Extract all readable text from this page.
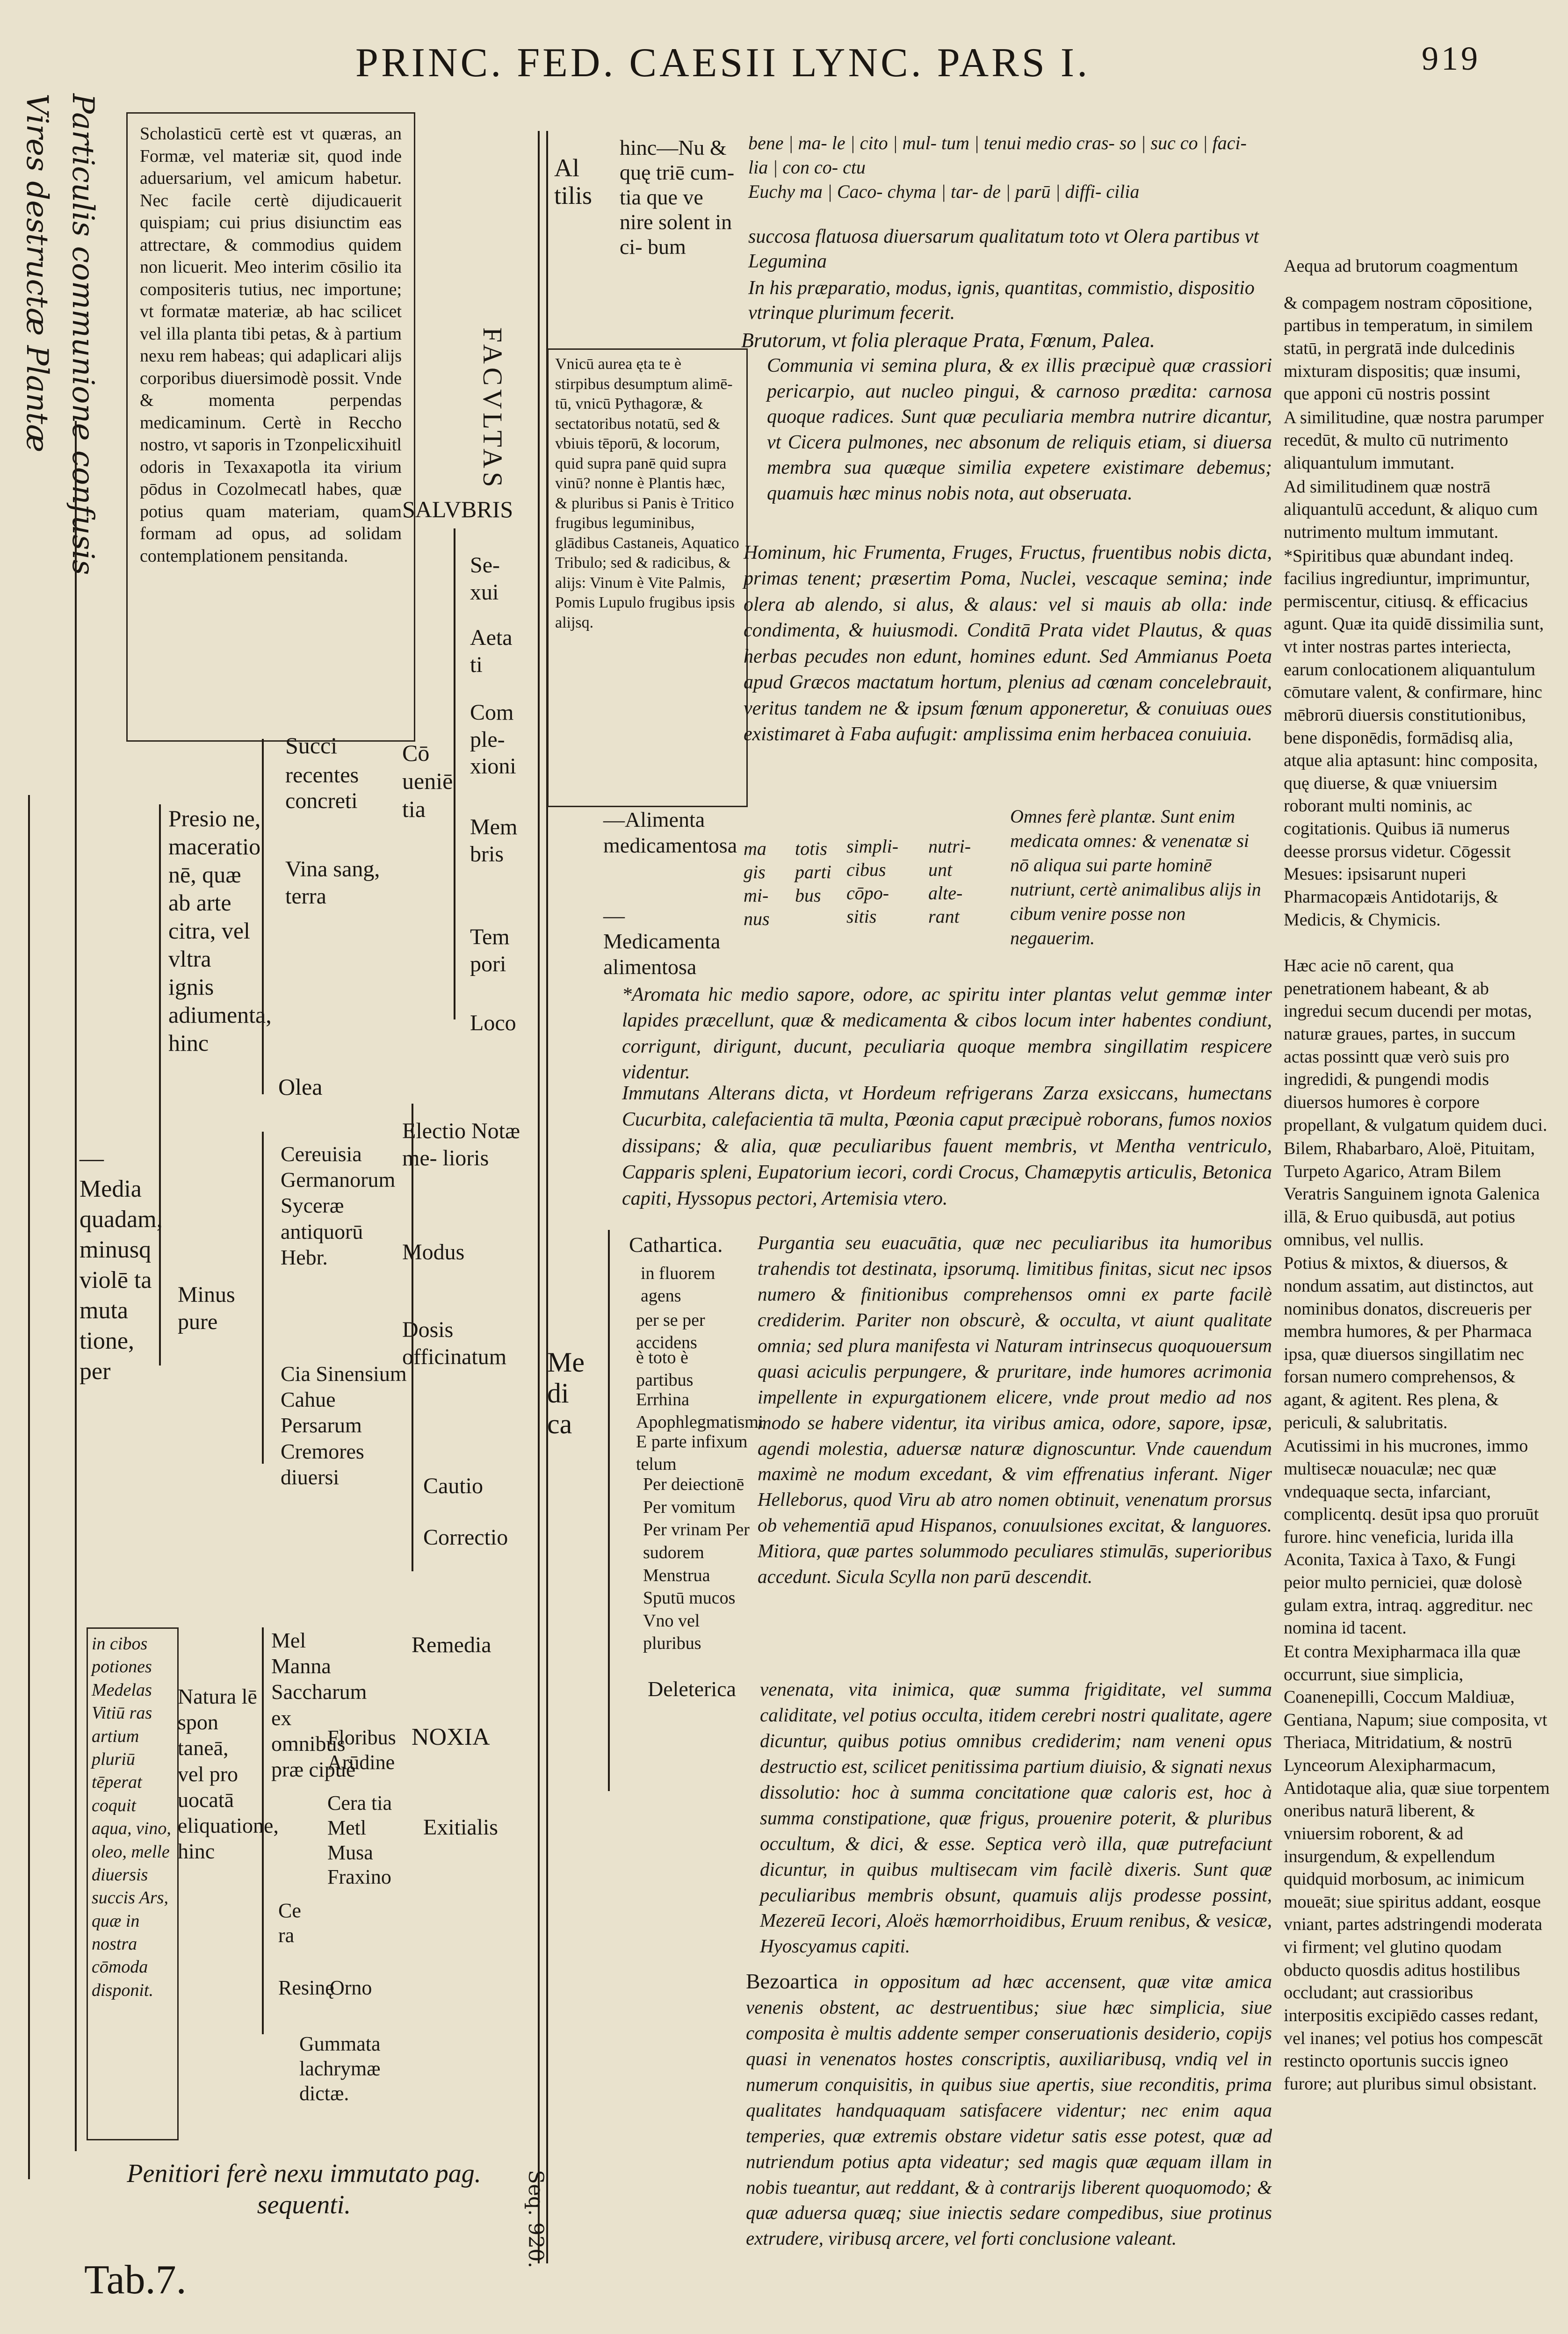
PRINC. FED. CAESII LYNC. PARS I.	919
Particulis communione confusis
Vires destructæ Plantæ	Scholasticū certè est vt quæras, an Formæ, vel materiæ sit, quod inde aduersarium, vel amicum habetur. Nec facile certè dijudicauerit quispiam; cui prius disiunctim eas attrectare, & commodius quidem non licuerit. Meo interim cōsilio ita compositeris tutius, nec importune; vt formatæ materiæ, ab hac scilicet vel illa planta tibi petas, & à partium nexu rem habeas; qui adaplicari alijs corporibus diuersimodè possit. Vnde & momenta perpendas medicaminum. Certè in Reccho nostro, vt saporis in Tzonpelicxihuitl odoris in Texaxapotla ita virium pōdus in Cozolmecatl habes, quæ potius quam materiam, quam formam ad opus, ad solidam contemplationem pensitanda.
FACVLTAS
Al tilis
hinc—Nu & quę triē cum- tia que ve nire solent in ci- bum
bene | ma- le | cito | mul- tum | tenui medio cras- so | suc co | faci- lia | con co- ctu
Euchy ma | Caco- chyma | tar- de | parū | diffi- cilia
succosa flatuosa diuersarum qualitatum toto vt Olera partibus vt Legumina
In his præparatio, modus, ignis, quantitas, commistio, dispositio vtrinque plurimum fecerit.
Vnicū aurea ęta te è stirpibus desumptum alimē-tū, vnicū Pythagoræ, & sectatoribus notatū, sed & vbiuis tēporū, & locorum, quid supra panē quid supra vinū? nonne è Plantis hæc, & pluribus si Panis è Tritico frugibus leguminibus, glādibus Castaneis, Aquatico Tribulo; sed & radicibus, & alijs: Vinum è Vite Palmis, Pomis Lupulo frugibus ipsis alijsq.
Brutorum, vt folia pleraque Prata, Fœnum, Palea.
Communia vi semina plura, & ex illis præcipuè quæ crassiori pericarpio, aut nucleo pingui, & carnoso prædita: carnosa quoque radices. Sunt quæ peculiaria membra nutrire dicantur, vt Cicera pulmones, nec absonum de reliquis etiam, si diuersa membra sua quæque similia expetere existimare debemus; quamuis hæc minus nobis nota, aut obseruata.
Hominum, hic Frumenta, Fruges, Fructus, fruentibus nobis dicta, primas tenent; præsertim Poma, Nuclei, vescaque semina; inde olera ab alendo, si alus, & alaus: vel si mauis ab olla: inde condimenta, & huiusmodi. Conditā Prata videt Plautus, & quas herbas pecudes non edunt, homines edunt. Sed Ammianus Poeta apud Græcos mactatum hortum, plenius ad cœnam concelebrauit, veritus tandem ne & ipsum fœnum apponeretur, & conuiuas oues existimaret à Faba aufugit: amplissima enim herbacea conuiuia.
SALVBRIS
Cō ueniē tia
Se- xui
Aeta ti
Com ple- xioni
Mem bris
Tem pori
Loco
Electio Notæ me- lioris
Modus
Dosis officinatum
Cautio
Correctio
Remedia
NOXIA
Exitialis
Succi
recentes concreti
Presio ne, maceratio nē, quæ ab arte citra, vel vltra ignis adiumenta, hinc
Vina sang, terra
Olea
—Media quadam, minusq violē ta muta tione, per
Minus pure
Cereuisia Germanorum Syceræ antiquorū Hebr.
Cia Sinensium Cahue Persarum Cremores diuersi
Natura lē spon taneā, vel pro uocatā eliquatione, hinc
Mel Manna Saccharum ex omnibus præ cipuè
Floribus Arūdine
Cera tia Metl Musa Fraxino
Ce ra
Resinę
Orno
Gummata lachrymæ dictæ.
in cibos potiones Medelas Vitiū ras artium pluriū tēperat coquit aqua, vino, oleo, melle diuersis succis Ars, quæ in nostra cōmoda disponit.
—Alimenta medicamentosa
—Medicamenta alimentosa
ma gis mi- nus
totis parti bus
simpli- cibus cōpo- sitis
nutri- unt alte- rant
Omnes ferè plantæ. Sunt enim medicata omnes: & venenatæ si nō aliqua sui parte hominē nutriunt, certè animalibus alijs in cibum venire posse non negauerim.
*Aromata hic medio sapore, odore, ac spiritu inter plantas velut gemmæ inter lapides præcellunt, quæ & medicamenta & cibos locum inter habentes condiunt, corrigunt, dirigunt, ducunt, peculiaria quoque membra singillatim respicere videntur.
Immutans Alterans dicta, vt Hordeum refrigerans Zarza exsiccans, humectans Cucurbita, calefacientia tā multa, Pœonia caput præcipuè roborans, fumos noxios dissipans; & alia, quæ peculiaribus fauent membris, vt Mentha ventriculo, Capparis spleni, Eupatorium iecori, cordi Crocus, Chamæpytis articulis, Betonica capiti, Hyssopus pectori, Artemisia vtero.
Me di ca
Cathartica. Purgantia seu euacuātia, quæ nec peculiaribus ita humoribus trahendis tot destinata, ipsorumq. limitibus finitas, sicut nec ipsos numero & finitionibus comprehensos omni ex parte facilè crediderim. Pariter non obscurè, & occulta, vt aiunt qualitate omnia; sed plura manifesta vi Naturam intrinsecus quoquouersum quasi aciculis perpungere, & pruritare, inde humores acrimonia impellente in expurgationem elicere, vnde prout medio ad nos modo se habere videntur, ita viribus amica, odore, sapore, ipsæ, agendi molestia, aduersæ naturæ dignoscuntur. Vnde cauendum maximè ne modum excedant, & vim effrenatius inferant. Niger Helleborus, quod Viru ab atro nomen obtinuit, venenatum prorsus ob vehementiā apud Hispanos, conuulsiones excitat, & languores. Mitiora, quæ partes solummodo peculiares stimulās, superioribus accedunt. Sicula Scylla non parū descendit.
in fluorem agens
per se per accidens
è toto è partibus
Errhina Apophlegmatismi
E parte infixum telum
Per deiectionē Per vomitum Per vrinam Per sudorem Menstrua Sputū mucos Vno vel pluribus
Deleterica venenata, vita inimica, quæ summa frigiditate, vel summa caliditate, vel potius occulta, itidem cerebri nostri qualitate, agere dicuntur, quibus potius omnibus crediderim; nam veneni opus destructio est, scilicet penitissima partium diuisio, & signati nexus dissolutio: hoc à summa concitatione quæ caloris est, hoc à summa constipatione, quæ frigus, prouenire poterit, & pluribus occultum, & dici, & esse. Septica verò illa, quæ putrefaciunt dicuntur, in quibus multisecam vim facilè dixeris. Sunt quæ peculiaribus membris obsunt, quamuis alijs prodesse possint, Mezereū Iecori, Aloës hæmorrhoidibus, Eruum renibus, & vesicæ, Hyoscyamus capiti.
Bezoartica in oppositum ad hæc accensent, quæ vitæ amica venenis obstent, ac destruentibus; siue hæc simplicia, siue composita è multis addente semper conseruationis desiderio, copijs quasi in venenatos hostes conscriptis, auxiliaribusq, vndiq vel in numerum conquisitis, in quibus siue apertis, siue reconditis, prima qualitates handquaquam satisfacere videntur; nec enim aqua temperies, quæ extremis obstare videtur satis esse potest, quæ ad nutriendum potius apta videatur; sed magis quæ æquam illam in nobis tueantur, aut reddant, & à contrarijs liberent quoquomodo; & quæ aduersa quæq; siue iniectis sedare compedibus, siue protinus extrudere, viribusq arcere, vel forti conclusione valeant.

Aequa ad brutorum coagmentum

& compagem nostram cōpositione, partibus in temperatum, in similem statū, in pergratā inde dulcedinis mixturam dispositis; quæ insumi, que apponi cū nostris possint

A similitudine, quæ nostra parumper recedūt, & multo cū nutrimento aliquantulum immutant.

Ad similitudinem quæ nostrā aliquantulū accedunt, & aliquo cum nutrimento multum immutant.

*Spiritibus quæ abundant indeq. facilius ingrediuntur, imprimuntur, permiscentur, citiusq. & efficacius agunt. Quæ ita quidē dissimilia sunt, vt inter nostras partes interiecta, earum conlocationem aliquantulum cōmutare valent, & confirmare, hinc mēbrorū diuersis constitutionibus, bene disponēdis, formādisq alia, atque alia aptasunt: hinc composita, quę diuerse, & quæ vniuersim roborant multi nominis, ac cogitationis. Quibus iā numerus deesse prorsus videtur. Cōgessit Mesues: ipsisarunt nuperi Pharmacopæis Antidotarijs, & Medicis, & Chymicis.

Hæc acie nō carent, qua penetrationem habeant, & ab ingredui secum ducendi per motas, naturæ graues, partes, in succum actas possintt quæ verò suis pro ingredidi, & pungendi modis diuersos humores è corpore propellant, & vulgatum quidem duci.

Bilem, Rhabarbaro, Aloë, Pituitam, Turpeto Agarico, Atram Bilem Veratris Sanguinem ignota Galenica illā, & Eruo quibusdā, aut potius omnibus, vel nullis.

Potius & mixtos, & diuersos, & nondum assatim, aut distinctos, aut nominibus donatos, discreueris per membra humores, & per Pharmaca ipsa, quæ diuersos singillatim nec forsan numero comprehensos, & agant, & agitent. Res plena, & periculi, & salubritatis.

Acutissimi in his mucrones, immo multisecæ nouaculæ; nec quæ vndequaque secta, infarciant, complicentq. desūt ipsa quo proruūt furore. hinc veneficia, lurida illa Aconita, Taxica à Taxo, & Fungi peior multo perniciei, quæ dolosè gulam extra, intraq. aggreditur. nec nomina id tacent.

Et contra Mexipharmaca illa quæ occurrunt, siue simplicia, Coanenepilli, Coccum Maldiuæ, Gentiana, Napum; siue composita, vt Theriaca, Mitridatium, & nostrū Lynceorum Alexipharmacum, Antidotaque alia, quæ siue torpentem oneribus naturā liberent, & vniuersim roborent, & ad insurgendum, & expellendum quidquid morbosum, ac inimicum moueāt; siue spiritus addant, eosque vniant, partes adstringendi moderata vi firment; vel glutino quodam obducto quosdis aditus hostilibus occludant; aut crassioribus interpositis excipiēdo casses redant, vel inanes; vel potius hos compescāt restincto oportunis succis igneo furore; aut pluribus simul obsistant.

Penitiori ferè nexu immutato pag. sequenti.	Seq. 920.
Tab.7.
